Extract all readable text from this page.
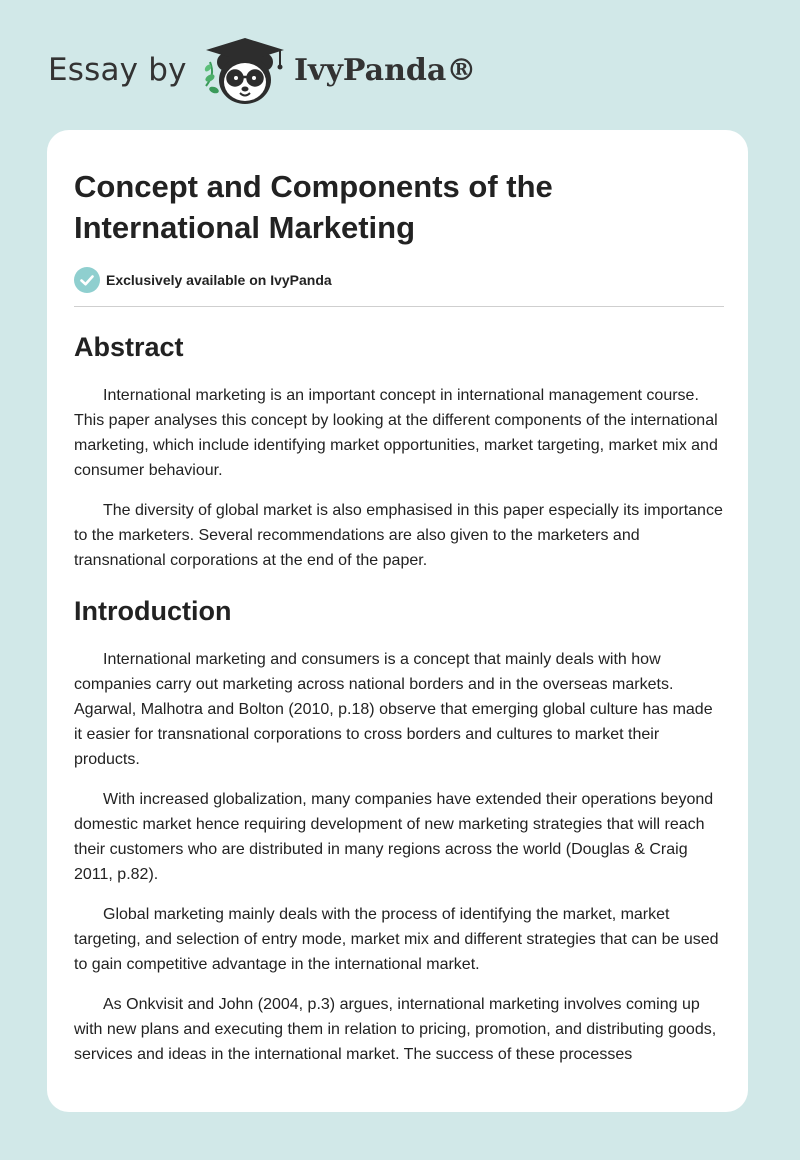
Essay by	IvyPanda®
Concept and Components of the International Marketing
Exclusively available on IvyPanda
Abstract

International marketing is an important concept in international management course. This paper analyses this concept by looking at the different components of the international marketing, which include identifying market opportunities, market targeting, market mix and consumer behaviour.

The diversity of global market is also emphasised in this paper especially its importance to the marketers. Several recommendations are also given to the marketers and transnational corporations at the end of the paper.

Introduction

International marketing and consumers is a concept that mainly deals with how companies carry out marketing across national borders and in the overseas markets. Agarwal, Malhotra and Bolton (2010, p.18) observe that emerging global culture has made it easier for transnational corporations to cross borders and cultures to market their products.

With increased globalization, many companies have extended their operations beyond domestic market hence requiring development of new marketing strategies that will reach their customers who are distributed in many regions across the world (Douglas & Craig 2011, p.82).

Global marketing mainly deals with the process of identifying the market, market targeting, and selection of entry mode, market mix and different strategies that can be used to gain competitive advantage in the international market.

As Onkvisit and John (2004, p.3) argues, international marketing involves coming up with new plans and executing them in relation to pricing, promotion, and distributing goods, services and ideas in the international market. The success of these processes
